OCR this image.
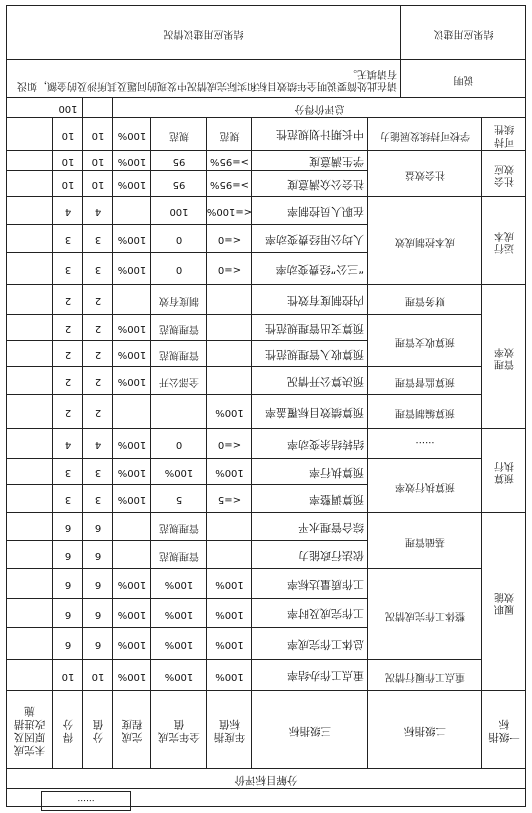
分解目标评价
......
一级指标
二级指标
三级指标
年度指标值
全年完成值
完成程度
分值
得分
未完成原因及改进措施
重点工作办结率
100%
100%
100%
10
10
总体工作完成率
100%
100%
100%
6
6
工作完成及时率
100%
100%
100%
6
6
工作质量达标率
100%
100%
100%
6
6
依法行政能力
管理规范
6
6
综合管理水平
管理规范
6
6
预算调整率
<=5
5
100%
3
3
预算执行率
100%
100%
100%
3
3
结转结余变动率
<=0
0
100%
4
4
预算绩效目标覆盖率
100%
2
2
预决算公开情况
全部公开
100%
2
2
预算收入管理规范性
管理规范
100%
2
2
预算支出管理规范性
管理规范
100%
2
2
内控制度有效性
制度有效
2
2
“三公”经费变动率
<=0
0
100%
3
3
人均公用经费变动率
<=0
0
100%
3
3
在职人员控制率
<=100%
100
4
4
社会公众满意度
>=95%
95
100%
10
10
学生满意度
>=95%
95
100%
10
10
中长期计划规范性
规范
规范
100%
10
10
重点工作履行情况
整体工作完成情况
基础管理
预算执行效率
......
预算编制管理
预算监督管理
预算收支管理
财务管理
成本控制成效
社会效益
学校可持续发展能力
履职效能
预算执行
管理效率
运行成本
社会效应
可持续性
总评价得分
100
说明
请在此处简要说明全年绩效目标和实际完成情况中发现的问题及其所涉及的金额，如没有请填无。
结果应用建议
结果应用建议情况
